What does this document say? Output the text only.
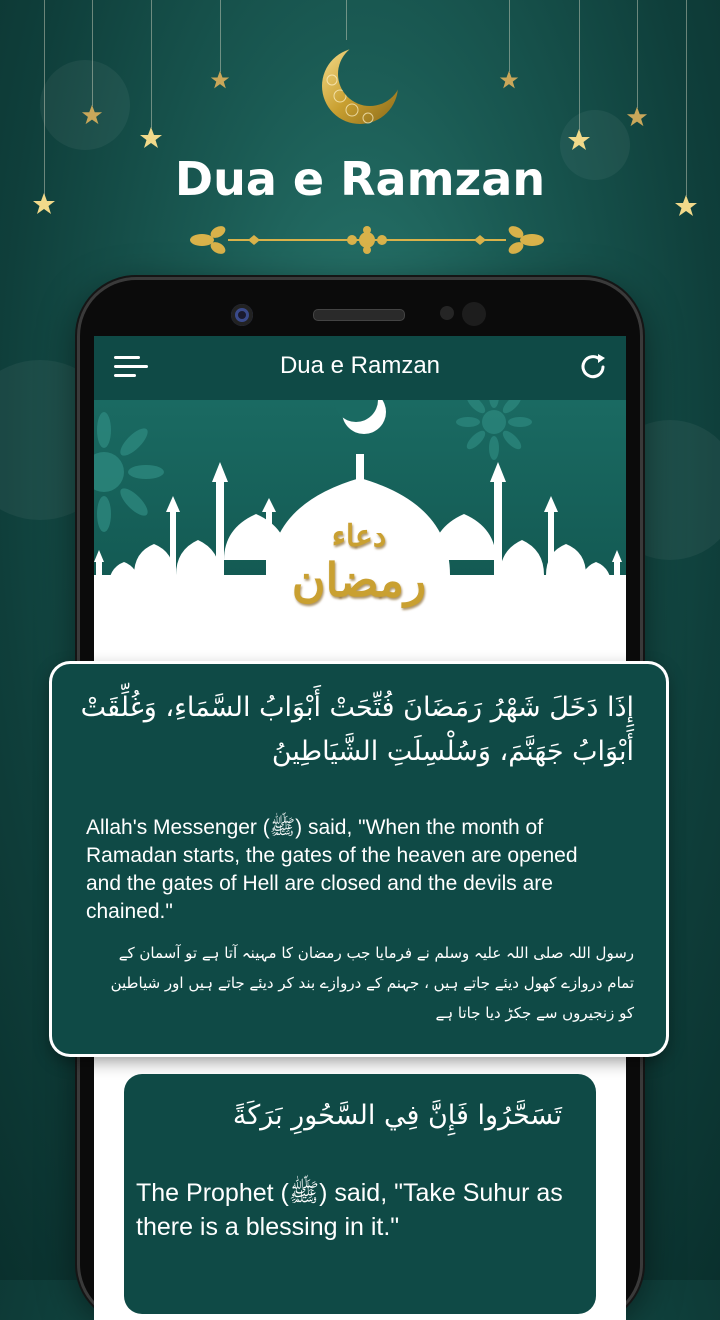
Dua e Ramzan
Dua e Ramzan
دعاء
رمضان
إِذَا دَخَلَ شَهْرُ رَمَضَانَ فُتِّحَتْ أَبْوَابُ السَّمَاءِ، وَغُلِّقَتْ أَبْوَابُ جَهَنَّمَ، وَسُلْسِلَتِ الشَّيَاطِينُ
Allah's Messenger (ﷺ) said, "When the month of Ramadan starts, the gates of the heaven are opened and the gates of Hell are closed and the devils are chained."
رسول اللہ صلی اللہ علیہ وسلم نے فرمایا جب رمضان کا مہینہ آتا ہے تو آسمان کے تمام دروازے کھول دیئے جاتے ہیں ، جہنم کے دروازے بند کر دیئے جاتے ہیں اور شیاطین کو زنجیروں سے جکڑ دیا جاتا ہے
تَسَحَّرُوا فَإِنَّ فِي السَّحُورِ بَرَكَةً
The Prophet (ﷺ) said, "Take Suhur as there is a blessing in it."
